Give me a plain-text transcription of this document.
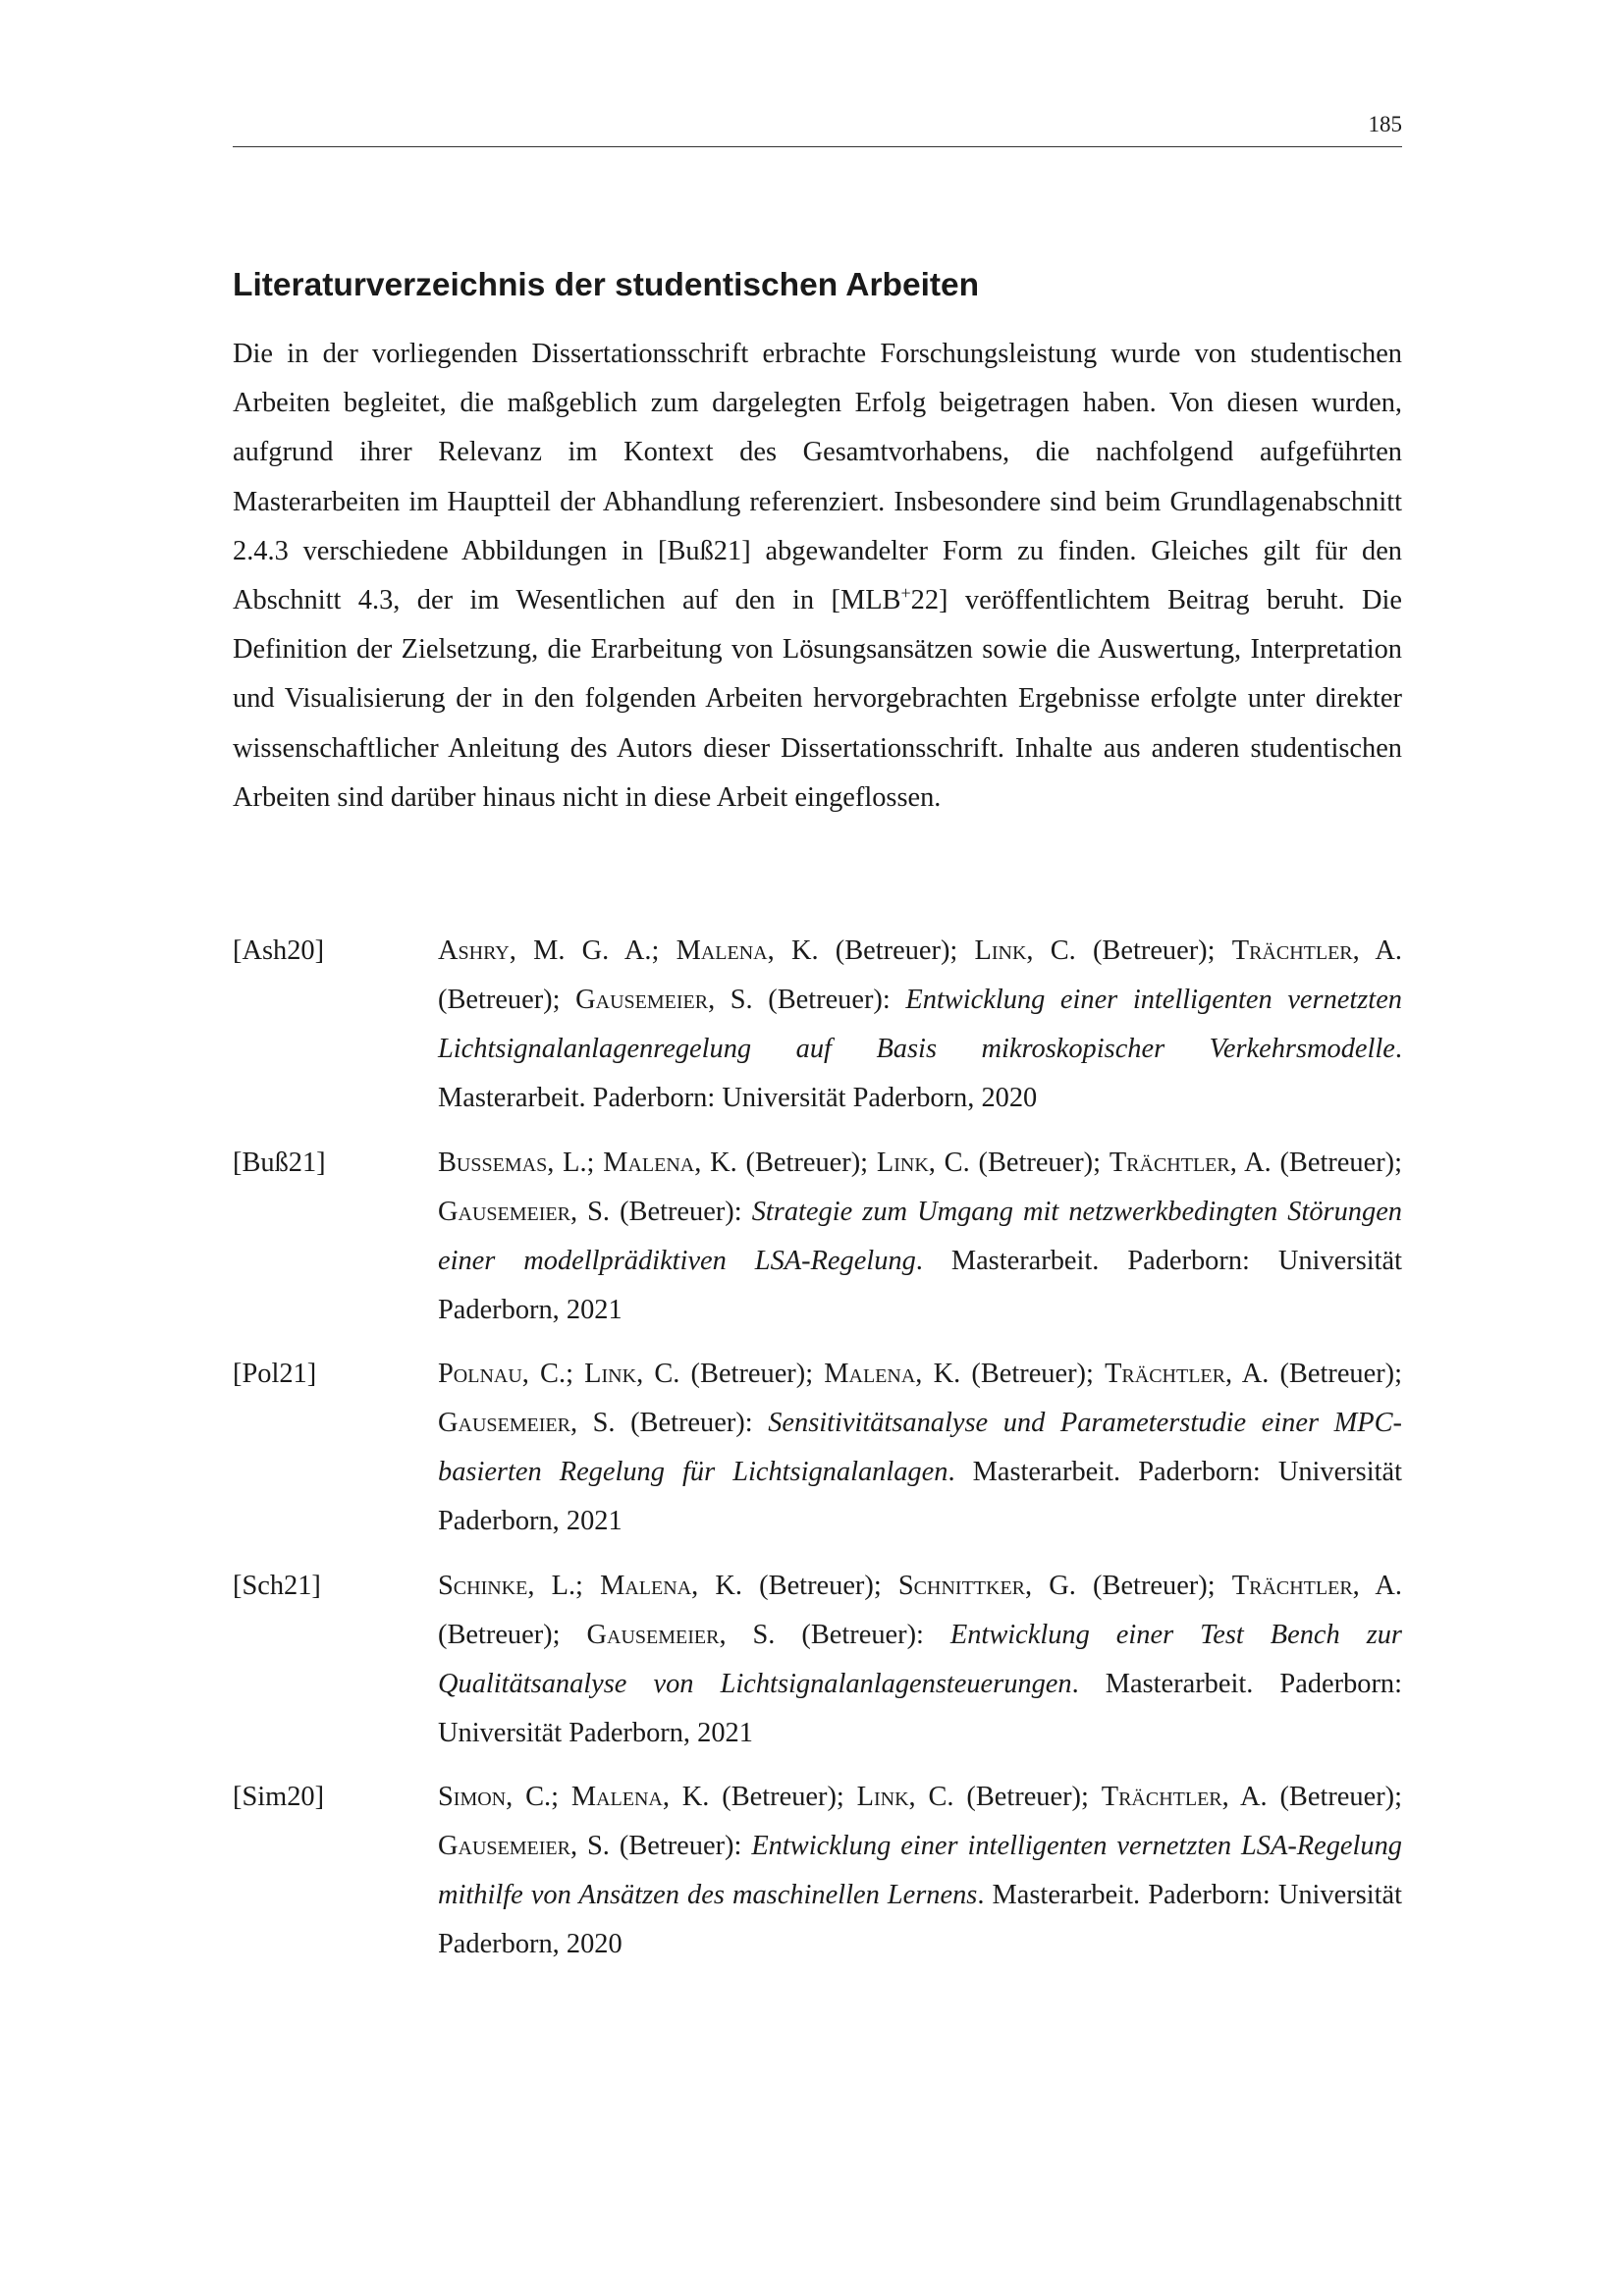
185
Literaturverzeichnis der studentischen Arbeiten

Die in der vorliegenden Dissertationsschrift erbrachte Forschungsleistung wurde von studentischen Arbeiten begleitet, die maßgeblich zum dargelegten Erfolg beigetragen haben. Von diesen wurden, aufgrund ihrer Relevanz im Kontext des Gesamtvorhabens, die nachfolgend aufgeführten Masterarbeiten im Hauptteil der Abhandlung referenziert. Insbesondere sind beim Grundlagenabschnitt 2.4.3 verschiedene Abbildungen in [Buß21] abgewandelter Form zu finden. Gleiches gilt für den Abschnitt 4.3, der im Wesentlichen auf den in [MLB+22] veröffentlichtem Beitrag beruht. Die Definition der Zielsetzung, die Erarbeitung von Lösungsansätzen sowie die Auswertung, Interpretation und Visualisierung der in den folgenden Arbeiten hervorgebrachten Ergebnisse erfolgte unter direkter wissenschaftlicher Anleitung des Autors dieser Dissertationsschrift. Inhalte aus anderen studentischen Arbeiten sind darüber hinaus nicht in diese Arbeit eingeflossen.

[Ash20]	Ashry, M. G. A.; Malena, K. (Betreuer); Link, C. (Betreuer); Trächtler, A. (Betreuer); Gausemeier, S. (Betreuer): Entwicklung einer intelligenten vernetzten Lichtsignalanlagenregelung auf Basis mikroskopischer Verkehrsmodelle. Masterarbeit. Paderborn: Universität Paderborn, 2020
[Buß21]	Bussemas, L.; Malena, K. (Betreuer); Link, C. (Betreuer); Trächtler, A. (Betreuer); Gausemeier, S. (Betreuer): Strategie zum Umgang mit netzwerkbedingten Störungen einer modellprädiktiven LSA-Regelung. Masterarbeit. Paderborn: Universität Paderborn, 2021
[Pol21]	Polnau, C.; Link, C. (Betreuer); Malena, K. (Betreuer); Trächtler, A. (Betreuer); Gausemeier, S. (Betreuer): Sensitivitätsanalyse und Parameterstudie einer MPC-basierten Regelung für Lichtsignalanlagen. Masterarbeit. Paderborn: Universität Paderborn, 2021
[Sch21]	Schinke, L.; Malena, K. (Betreuer); Schnittker, G. (Betreuer); Trächtler, A. (Betreuer); Gausemeier, S. (Betreuer): Entwicklung einer Test Bench zur Qualitätsanalyse von Lichtsignalanlagensteuerungen. Masterarbeit. Paderborn: Universität Paderborn, 2021
[Sim20]	Simon, C.; Malena, K. (Betreuer); Link, C. (Betreuer); Trächtler, A. (Betreuer); Gausemeier, S. (Betreuer): Entwicklung einer intelligenten vernetzten LSA-Regelung mithilfe von Ansätzen des maschinellen Lernens. Masterarbeit. Paderborn: Universität Paderborn, 2020
